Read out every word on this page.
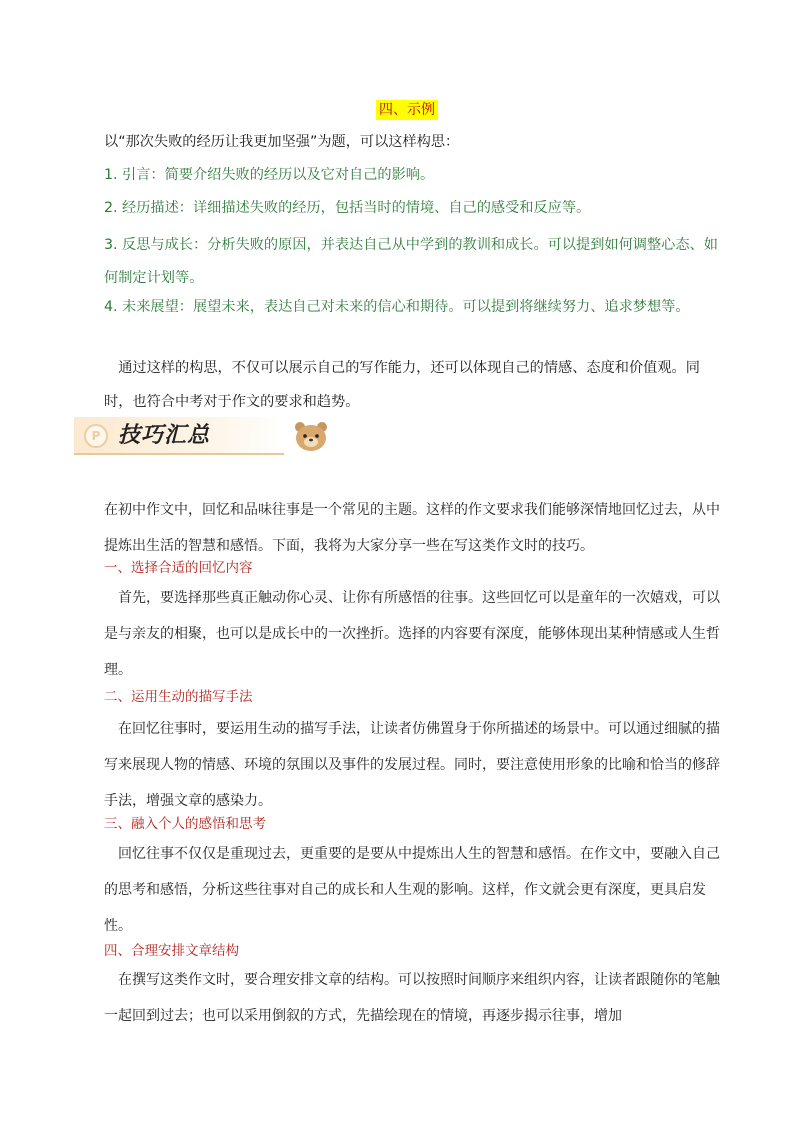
四、示例

以“那次失败的经历让我更加坚强”为题，可以这样构思：

1. 引言：简要介绍失败的经历以及它对自己的影响。

2. 经历描述：详细描述失败的经历，包括当时的情境、自己的感受和反应等。

3. 反思与成长：分析失败的原因，并表达自己从中学到的教训和成长。可以提到如何调整心态、如何制定计划等。

4. 未来展望：展望未来，表达自己对未来的信心和期待。可以提到将继续努力、追求梦想等。

通过这样的构思，不仅可以展示自己的写作能力，还可以体现自己的情感、态度和价值观。同时，也符合中考对于作文的要求和趋势。

P 技巧汇总

在初中作文中，回忆和品味往事是一个常见的主题。这样的作文要求我们能够深情地回忆过去，从中提炼出生活的智慧和感悟。下面，我将为大家分享一些在写这类作文时的技巧。

一、选择合适的回忆内容

首先，要选择那些真正触动你心灵、让你有所感悟的往事。这些回忆可以是童年的一次嬉戏，可以是与亲友的相聚，也可以是成长中的一次挫折。选择的内容要有深度，能够体现出某种情感或人生哲理。

二、运用生动的描写手法

在回忆往事时，要运用生动的描写手法，让读者仿佛置身于你所描述的场景中。可以通过细腻的描写来展现人物的情感、环境的氛围以及事件的发展过程。同时，要注意使用形象的比喻和恰当的修辞手法，增强文章的感染力。

三、融入个人的感悟和思考

回忆往事不仅仅是重现过去，更重要的是要从中提炼出人生的智慧和感悟。在作文中，要融入自己的思考和感悟，分析这些往事对自己的成长和人生观的影响。这样，作文就会更有深度，更具启发性。

四、合理安排文章结构

在撰写这类作文时，要合理安排文章的结构。可以按照时间顺序来组织内容，让读者跟随你的笔触一起回到过去；也可以采用倒叙的方式，先描绘现在的情境，再逐步揭示往事，增加
